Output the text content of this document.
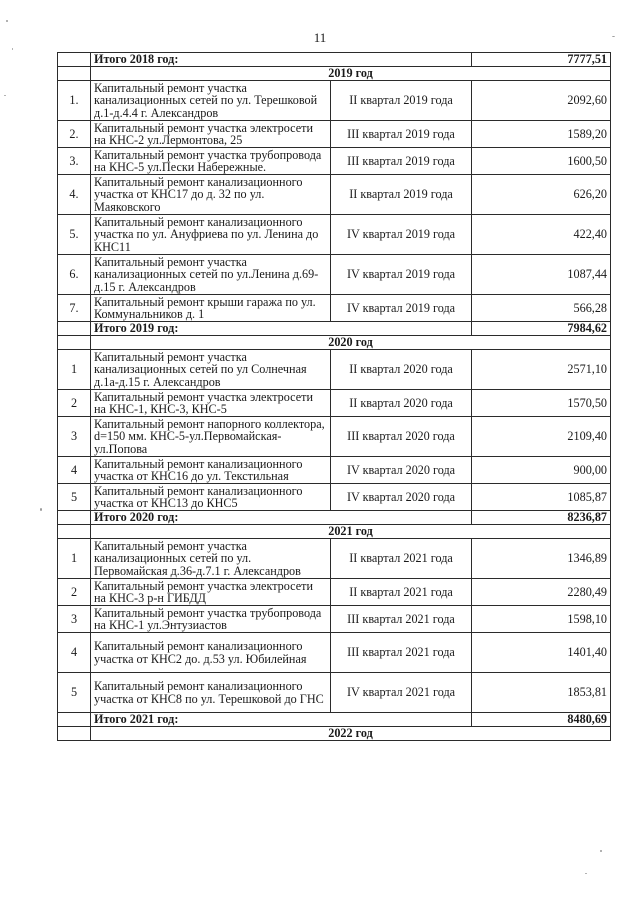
11
	Итого 2018 год:		7777,51
	2019 год		
1.	Капитальный ремонт участка канализационных сетей по ул. Терешковой д.1-д.4.4 г. Александров	II квартал 2019 года	2092,60
2.	Капитальный ремонт участка электросети на КНС-2 ул.Лермонтова, 25	III квартал 2019 года	1589,20
3.	Капитальный ремонт участка трубопровода на КНС-5 ул.Пески Набережные.	III квартал 2019 года	1600,50
4.	Капитальный ремонт канализационного участка от КНС17 до д. 32 по ул. Маяковского	II квартал 2019 года	626,20
5.	Капитальный ремонт канализационного участка по ул. Ануфриева по ул. Ленина до КНС11	IV квартал 2019 года	422,40
6.	Капитальный ремонт участка канализационных сетей по ул.Ленина д.69-д.15 г. Александров	IV квартал 2019 года	1087,44
7.	Капитальный ремонт крыши гаража по ул. Коммунальников д. 1	IV квартал 2019 года	566,28
	Итого 2019 год:		7984,62
	2020 год		
1	Капитальный ремонт участка канализационных сетей по ул Солнечная д.1а-д.15 г. Александров	II квартал 2020 года	2571,10
2	Капитальный ремонт участка электросети на КНС-1, КНС-3, КНС-5	II квартал 2020 года	1570,50
3	Капитальный ремонт напорного коллектора, d=150 мм. КНС-5-ул.Первомайская-ул.Попова	III квартал 2020 года	2109,40
4	Капитальный ремонт канализационного участка от КНС16 до ул. Текстильная	IV квартал 2020 года	900,00
5	Капитальный ремонт канализационного участка от КНС13 до КНС5	IV квартал 2020 года	1085,87
	Итого 2020 год:		8236,87
	2021 год		
1	Капитальный ремонт участка канализационных сетей по ул. Первомайская д.36-д.7.1 г. Александров	II квартал 2021 года	1346,89
2	Капитальный ремонт участка электросети на КНС-3 р-н ГИБДД	II квартал 2021 года	2280,49
3	Капитальный ремонт участка трубопровода на КНС-1 ул.Энтузиастов	III квартал 2021 года	1598,10
4	Капитальный ремонт канализационного участка от КНС2 до. д.53 ул. Юбилейная	III квартал 2021 года	1401,40
5	Капитальный ремонт канализационного участка от КНС8 по ул. Терешковой до ГНС	IV квартал 2021 года	1853,81
	Итого 2021 год:		8480,69
	2022 год		
